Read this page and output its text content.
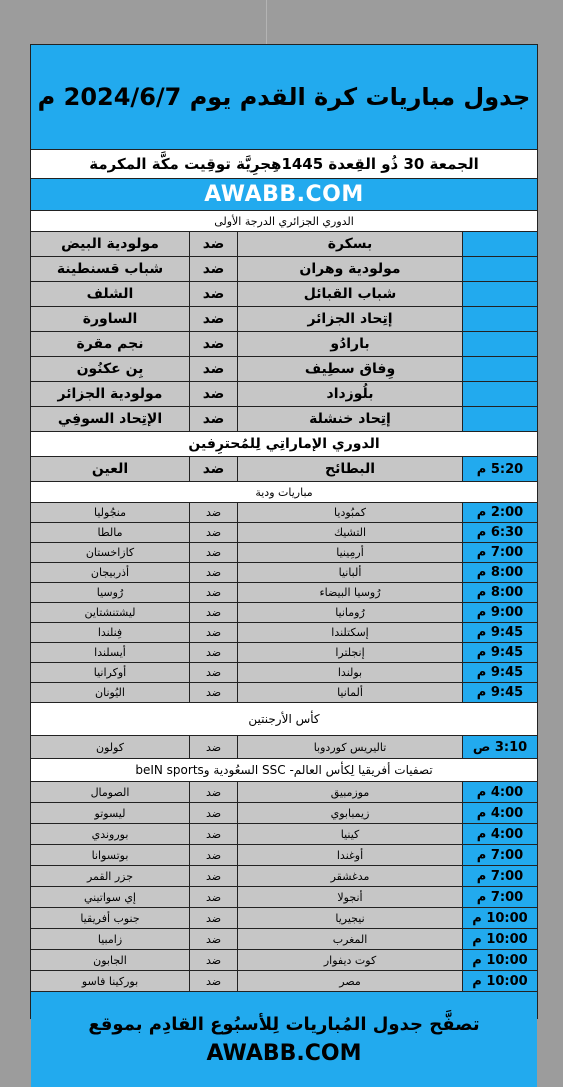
جدول مباريات كرة القدم يوم 2024/6/7 م
الجمعة 30 ذُو القِعدة 1445هِجرِيَّة توقِيت مكَّة المكرمة
AWABB.COM
الدوري الجزائري الدرجة الأولى
بسكرة
ضد
مولودية البيض
مولودية وهران
ضد
شباب قسنطينة
شباب القبائل
ضد
الشلف
إتِحاد الجزائر
ضد
الساورة
بارادُو
ضد
نجم مقرة
وِفاق سطِيف
ضد
بِن عكنُون
بلُوزداد
ضد
مولودية الجزائر
إتِحاد خنشلة
ضد
الإتِحاد السوفِي
الدوري الإماراتِي لِلمُحترِفين
5:20 م
البطائح
ضد
العين
مباريات ودية
2:00 م
كمبُوديا
ضد
منجُوليا
6:30 م
التشيك
ضد
مالطا
7:00 م
أرمِينيا
ضد
كازاخستان
8:00 م
ألبانيا
ضد
أذربيجان
8:00 م
رُوسيا البيضاء
ضد
رُوسيا
9:00 م
رُومانيا
ضد
ليشتنشتاين
9:45 م
إسكتلندا
ضد
فِنلندا
9:45 م
إنجلترا
ضد
أيسلندا
9:45 م
بولندا
ضد
أوكرانيا
9:45 م
ألمانيا
ضد
اليُونان
كأس الأرجنتين
3:10 ص
تاليريس كوردوبا
ضد
كولون
تصفيات أفريقيا لِكأس العالم- SSC السعُودية وbeIN sports
4:00 م
موزمبيق
ضد
الصومال
4:00 م
زيمبابوي
ضد
ليسوتو
4:00 م
كينيا
ضد
بوروندي
7:00 م
أوغندا
ضد
بوتسوانا
7:00 م
مدغشقر
ضد
جزر القمر
7:00 م
أنجولا
ضد
إي سواتيني
10:00 م
نيجيريا
ضد
جنوب أفريقيا
10:00 م
المغرب
ضد
زامبيا
10:00 م
كوت ديفوار
ضد
الجابون
10:00 م
مصر
ضد
بوركينا فاسو
تصفَّح جدول المُباريات لِلأسبُوع القادِم بموقع
AWABB.COM
